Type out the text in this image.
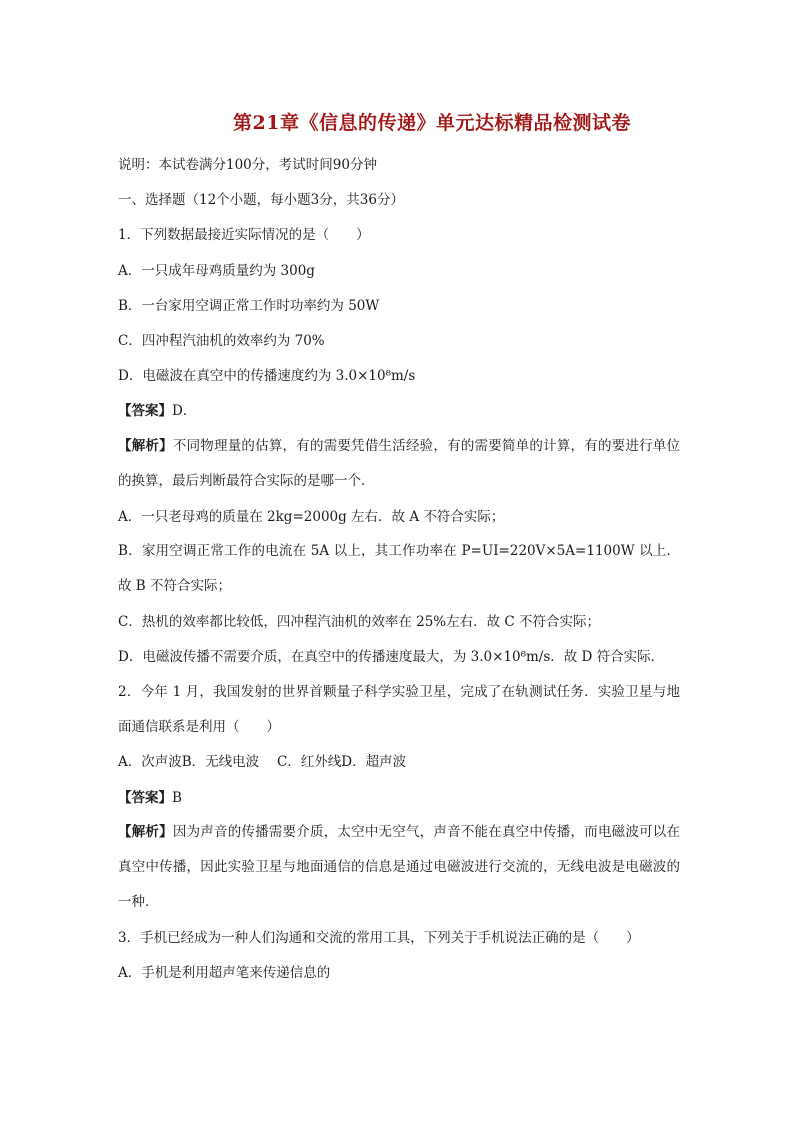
第21章《信息的传递》单元达标精品检测试卷
说明：本试卷满分100分，考试时间90分钟
一、选择题（12个小题，每小题3分，共36分）
1．下列数据最接近实际情况的是（　　）
A．一只成年母鸡质量约为 300g
B．一台家用空调正常工作时功率约为 50W
C．四冲程汽油机的效率约为 70%
D．电磁波在真空中的传播速度约为 3.0×10⁸m/s
【答案】D．
【解析】不同物理量的估算，有的需要凭借生活经验，有的需要简单的计算，有的要进行单位的换算，最后判断最符合实际的是哪一个．
A．一只老母鸡的质量在 2kg=2000g 左右．故 A 不符合实际；
B．家用空调正常工作的电流在 5A 以上，其工作功率在 P=UI=220V×5A=1100W 以上．故 B 不符合实际；
C．热机的效率都比较低，四冲程汽油机的效率在 25%左右．故 C 不符合实际；
D．电磁波传播不需要介质，在真空中的传播速度最大，为 3.0×10⁸m/s．故 D 符合实际．
2．今年 1 月，我国发射的世界首颗量子科学实验卫星，完成了在轨测试任务．实验卫星与地面通信联系是利用（　　）
A．次声波B．无线电波　 C．红外线D．超声波
【答案】B
【解析】因为声音的传播需要介质，太空中无空气，声音不能在真空中传播，而电磁波可以在真空中传播，因此实验卫星与地面通信的信息是通过电磁波进行交流的，无线电波是电磁波的一种．
3．手机已经成为一种人们沟通和交流的常用工具，下列关于手机说法正确的是（　　）
A．手机是利用超声笔来传递信息的
